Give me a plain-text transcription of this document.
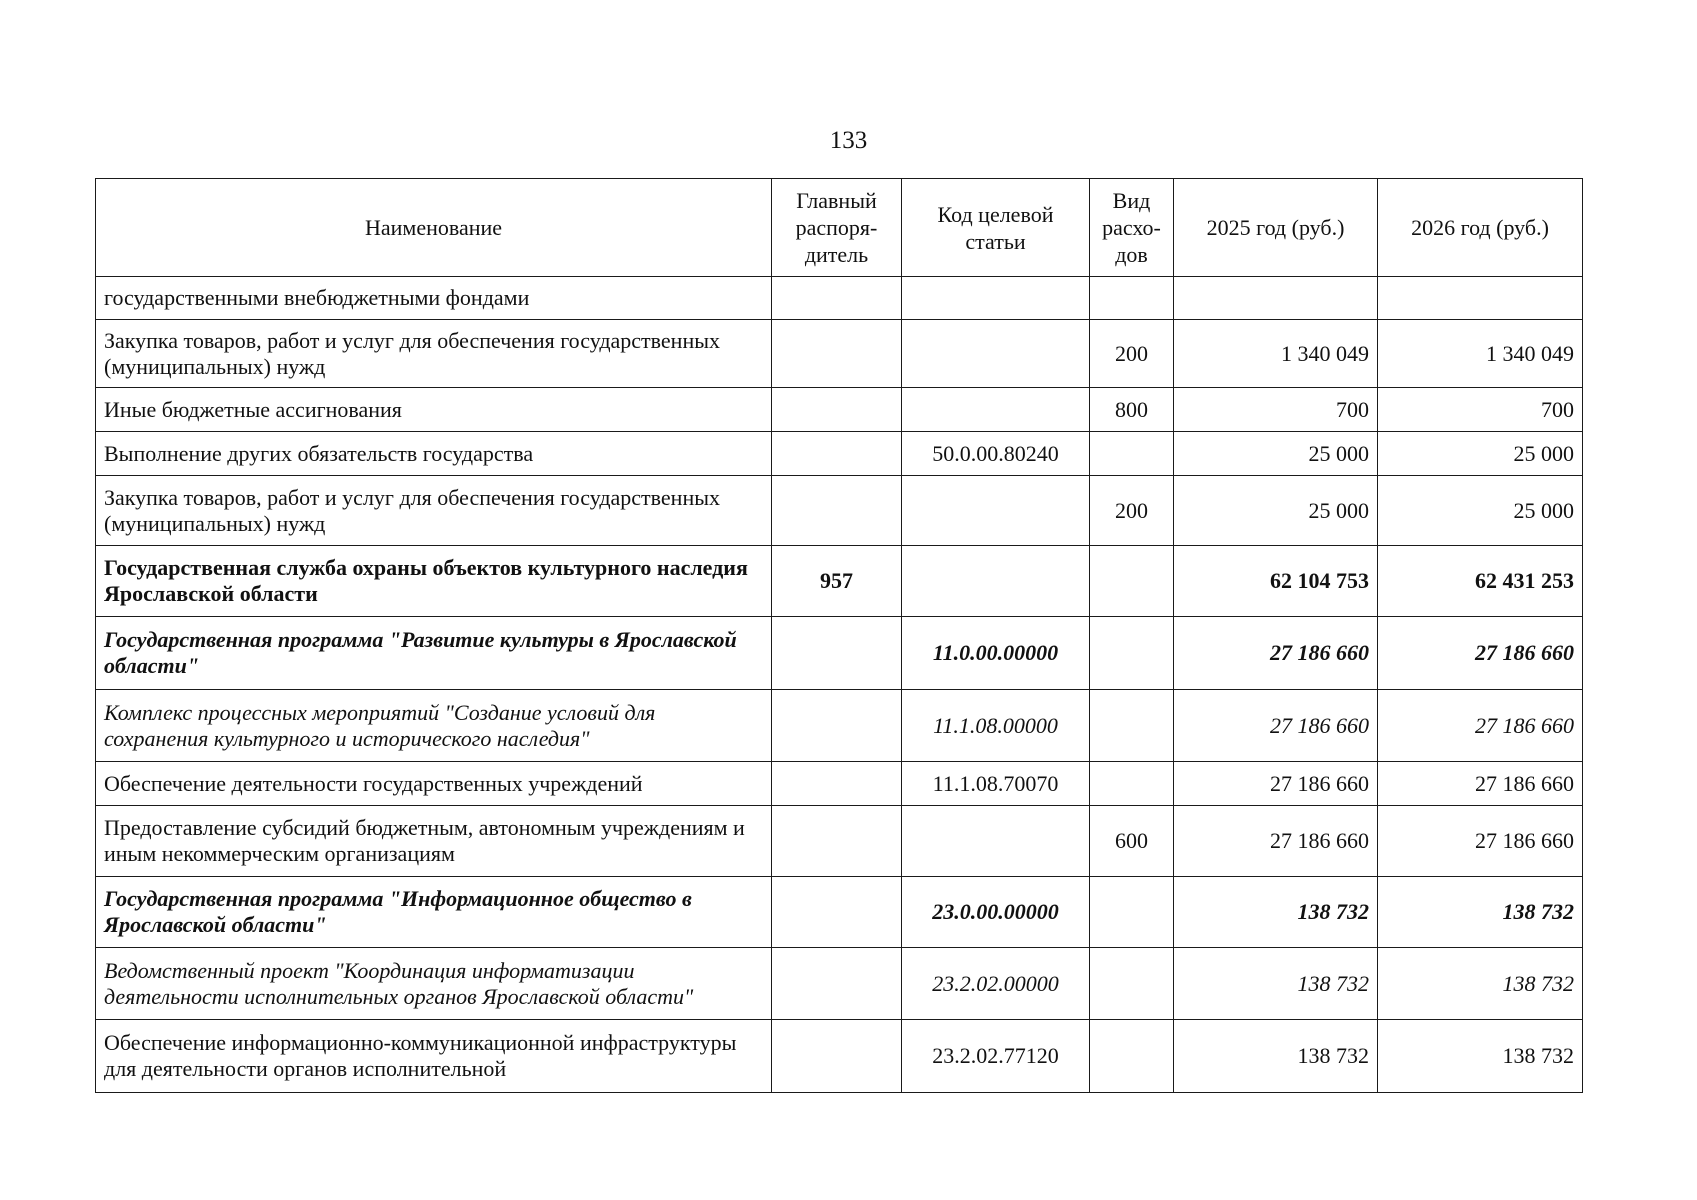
133
Наименование	Главный распоря-дитель	Код целевой статьи	Вид расхо-дов	2025 год (руб.)	2026 год (руб.)
государственными внебюджетными фондами					
Закупка товаров, работ и услуг для обеспечения государственных (муниципальных) нужд			200	1 340 049	1 340 049
Иные бюджетные ассигнования			800	700	700
Выполнение других обязательств государства		50.0.00.80240		25 000	25 000
Закупка товаров, работ и услуг для обеспечения государственных (муниципальных) нужд			200	25 000	25 000
Государственная служба охраны объектов культурного наследия Ярославской области	957			62 104 753	62 431 253
Государственная программа "Развитие культуры в Ярославской области"		11.0.00.00000		27 186 660	27 186 660
Комплекс процессных мероприятий "Создание условий для сохранения культурного и исторического наследия"		11.1.08.00000		27 186 660	27 186 660
Обеспечение деятельности государственных учреждений		11.1.08.70070		27 186 660	27 186 660
Предоставление субсидий бюджетным, автономным учреждениям и иным некоммерческим организациям			600	27 186 660	27 186 660
Государственная программа "Информационное общество в Ярославской области"		23.0.00.00000		138 732	138 732
Ведомственный проект "Координация информатизации деятельности исполнительных органов Ярославской области"		23.2.02.00000		138 732	138 732
Обеспечение информационно-коммуникационной инфраструктуры для деятельности органов исполнительной		23.2.02.77120		138 732	138 732
